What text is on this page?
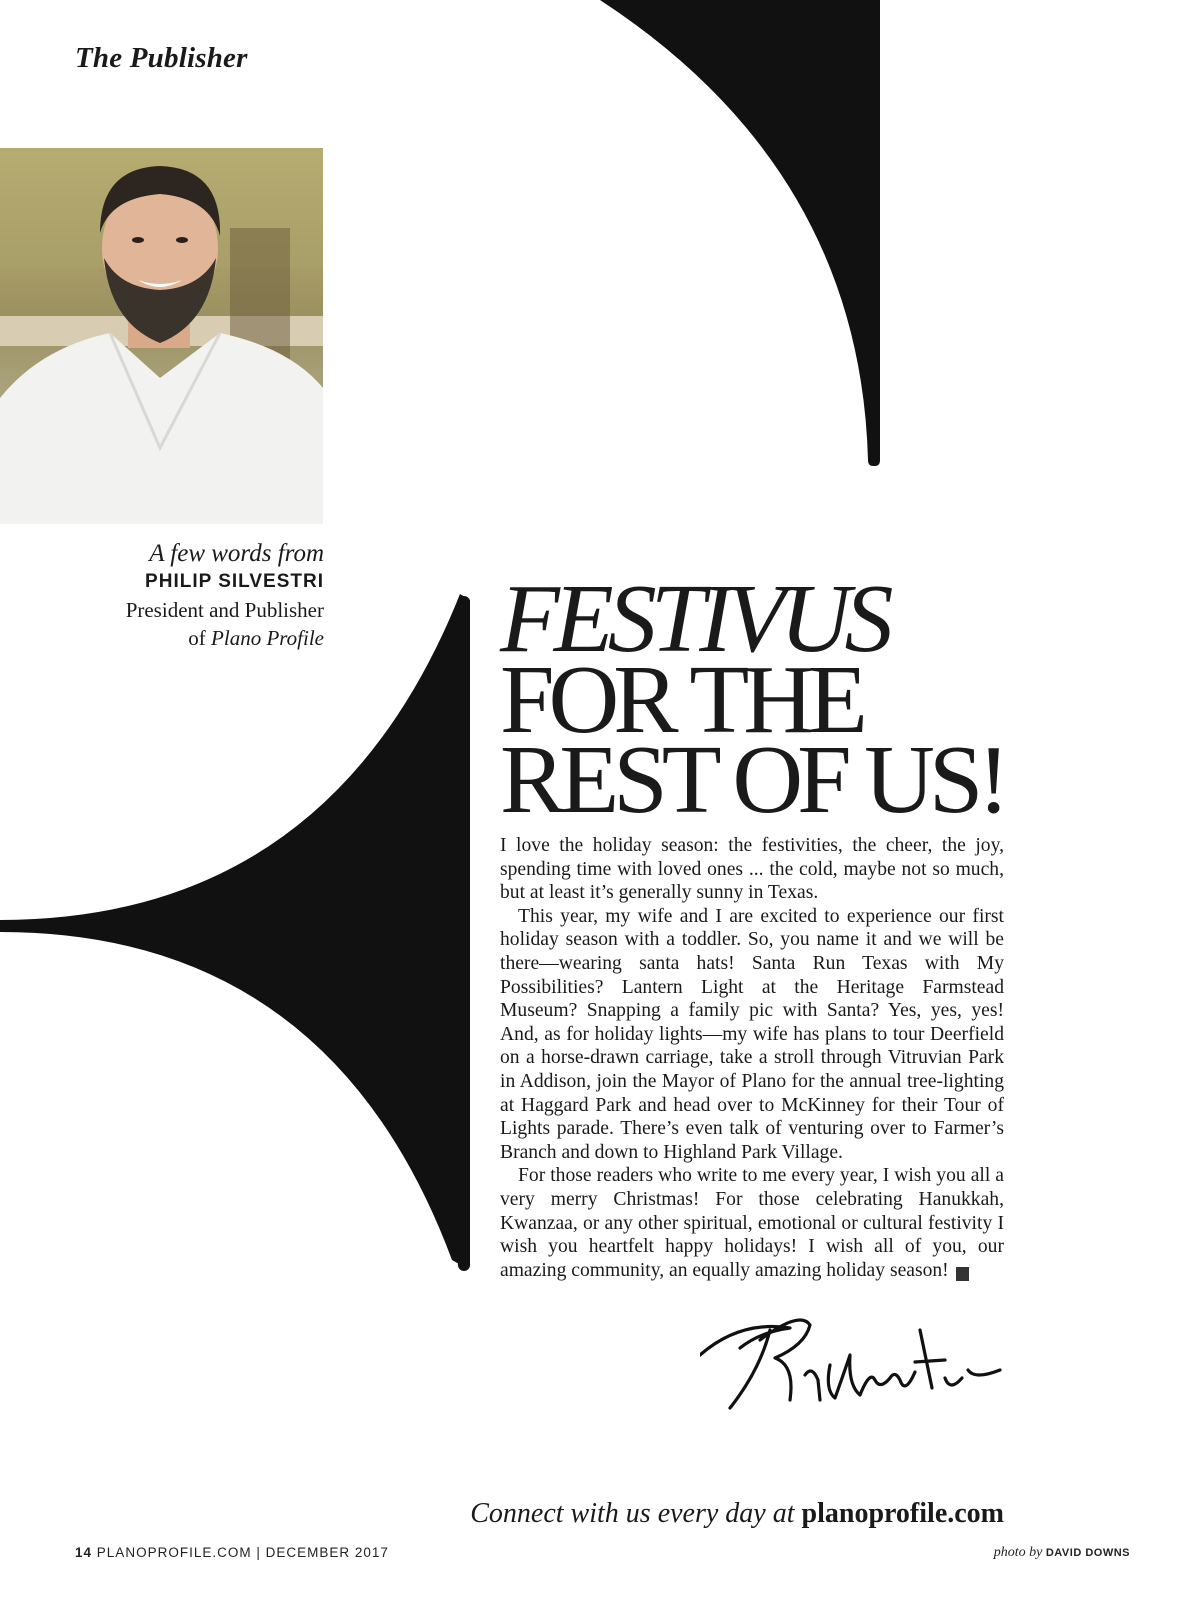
The Publisher
A few words from
PHILIP SILVESTRI
President and Publisher
of Plano Profile FESTIVUS
FOR THE
REST OF US!

I love the holiday season: the festivities, the cheer, the joy, spending time with loved ones ... the cold, maybe not so much, but at least it’s generally sunny in Texas.

This year, my wife and I are excited to experience our first holiday season with a toddler. So, you name it and we will be there—wearing santa hats! Santa Run Texas with My Possibilities? Lantern Light at the Heritage Farmstead Museum? Snapping a family pic with Santa? Yes, yes, yes! And, as for holiday lights—my wife has plans to tour Deerfield on a horse-drawn carriage, take a stroll through Vitruvian Park in Addison, join the Mayor of Plano for the annual tree-lighting at Haggard Park and head over to McKinney for their Tour of Lights parade. There’s even talk of venturing over to Farmer’s Branch and down to Highland Park Village.

For those readers who write to me every year, I wish you all a very merry Christmas! For those celebrating Hanukkah, Kwanzaa, or any other spiritual, emotional or cultural festivity I wish you heartfelt happy holidays! I wish all of you, our amazing community, an equally amazing holiday season! p

Connect with us every day at planoprofile.com
14 PLANOPROFILE.COM | DECEMBER 2017	photo by DAVID DOWNS
